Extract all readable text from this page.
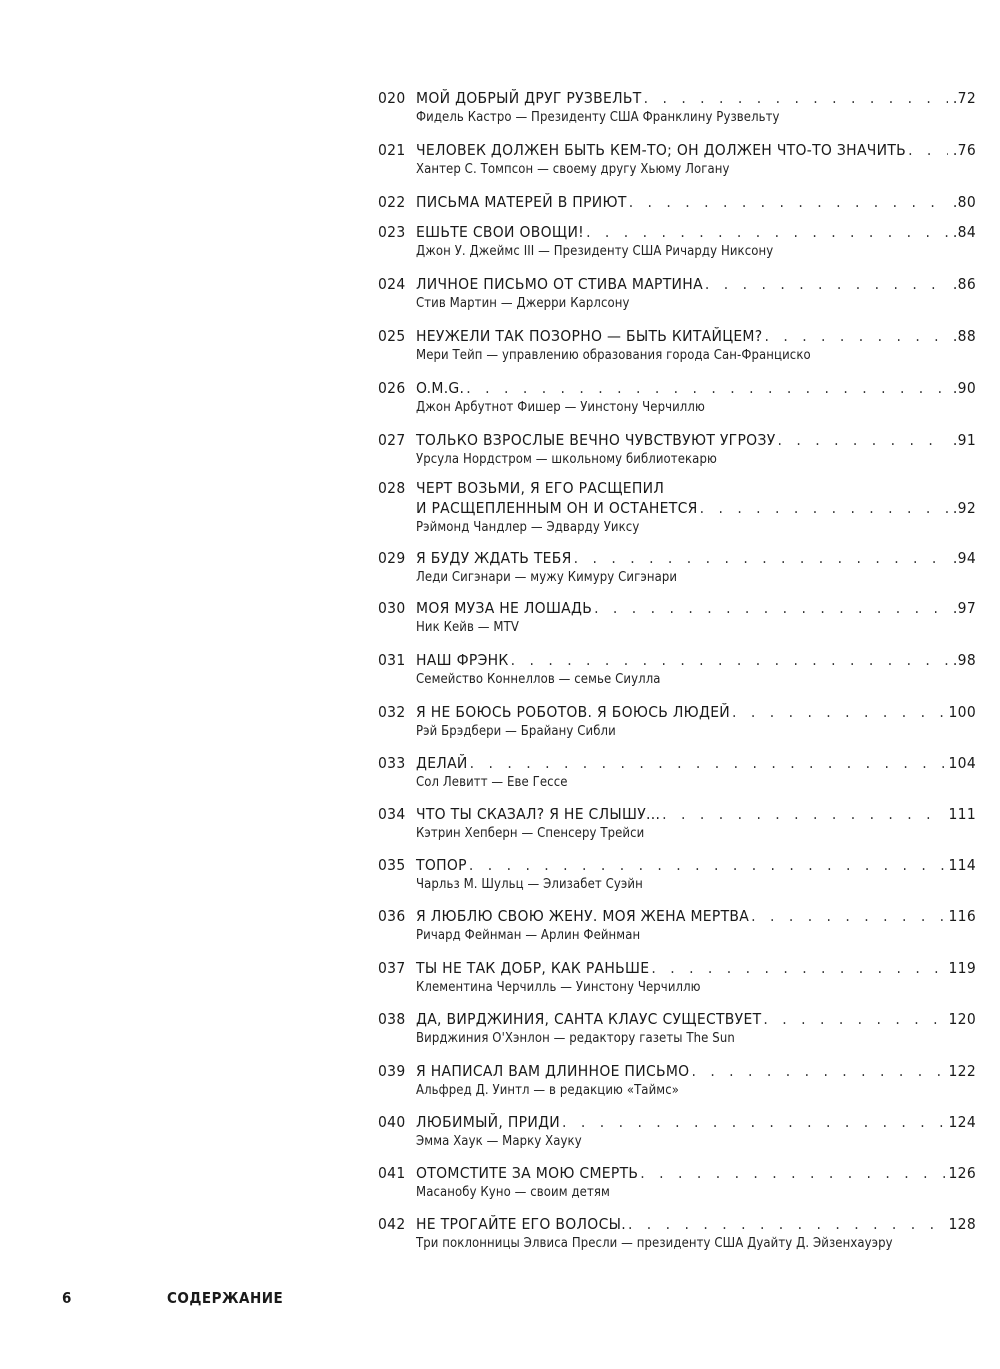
020 МОЙ ДОБРЫЙ ДРУГ РУЗВЕЛЬТ . . .	.72
Фидель Кастро — Президенту США Франклину Рузвельту
021 ЧЕЛОВЕК ДОЛЖЕН БЫТЬ КЕМ-ТО; ОН ДОЛЖЕН ЧТО-ТО ЗНАЧИТЬ . . .	.76
Хантер С. Томпсон — своему другу Хьюму Логану
022 ПИСЬМА МАТЕРЕЙ В ПРИЮТ . . .	.80
023 ЕШЬТЕ СВОИ ОВОЩИ! . . .	.84
Джон У. Джеймс III — Президенту США Ричарду Никсону
024 ЛИЧНОЕ ПИСЬМО ОТ СТИВА МАРТИНА . . .	.86
Стив Мартин — Джерри Карлсону
025 НЕУЖЕЛИ ТАК ПОЗОРНО — БЫТЬ КИТАЙЦЕМ? . . .	.88
Мери Тейп — управлению образования города Сан-Франциско
026 O.M.G. . . .	.90
Джон Арбутнот Фишер — Уинстону Черчиллю
027 ТОЛЬКО ВЗРОСЛЫЕ ВЕЧНО ЧУВСТВУЮТ УГРОЗУ . . .	.91
Урсула Нордстром — школьному библиотекарю
028 ЧЕРТ ВОЗЬМИ, Я ЕГО РАСЩЕПИЛ
И РАСЩЕПЛЕННЫМ ОН И ОСТАНЕТСЯ . . .	.92
Рэймонд Чандлер — Эдварду Уиксу
029 Я БУДУ ЖДАТЬ ТЕБЯ . . .	.94
Леди Сигэнари — мужу Кимуру Сигэнари
030 МОЯ МУЗА НЕ ЛОШАДЬ . . .	.97
Ник Кейв — MTV
031 НАШ ФРЭНК . . .	.98
Семейство Коннеллов — семье Сиулла
032 Я НЕ БОЮСЬ РОБОТОВ. Я БОЮСЬ ЛЮДЕЙ . . .	100
Рэй Брэдбери — Брайану Сибли
033 ДЕЛАЙ . . .	104
Сол Левитт — Еве Гессе
034 ЧТО ТЫ СКАЗАЛ? Я НЕ СЛЫШУ... . . .	111
Кэтрин Хепберн — Спенсеру Трейси
035 ТОПОР . . .	114
Чарльз М. Шульц — Элизабет Суэйн
036 Я ЛЮБЛЮ СВОЮ ЖЕНУ. МОЯ ЖЕНА МЕРТВА . . .	116
Ричард Фейнман — Арлин Фейнман
037 ТЫ НЕ ТАК ДОБР, КАК РАНЬШЕ . . .	119
Клементина Черчилль — Уинстону Черчиллю
038 ДА, ВИРДЖИНИЯ, САНТА КЛАУС СУЩЕСТВУЕТ . . .	120
Вирджиния О'Хэнлон — редактору газеты The Sun
039 Я НАПИСАЛ ВАМ ДЛИННОЕ ПИСЬМО . . .	122
Альфред Д. Уинтл — в редакцию «Таймс»
040 ЛЮБИМЫЙ, ПРИДИ . . .	124
Эмма Хаук — Марку Хауку
041 ОТОМСТИТЕ ЗА МОЮ СМЕРТЬ . . .	126
Масанобу Куно — своим детям
042 НЕ ТРОГАЙТЕ ЕГО ВОЛОСЫ. . . .	128
Три поклонницы Элвиса Пресли — президенту США Дуайту Д. Эйзенхауэру
6	СОДЕРЖАНИЕ
